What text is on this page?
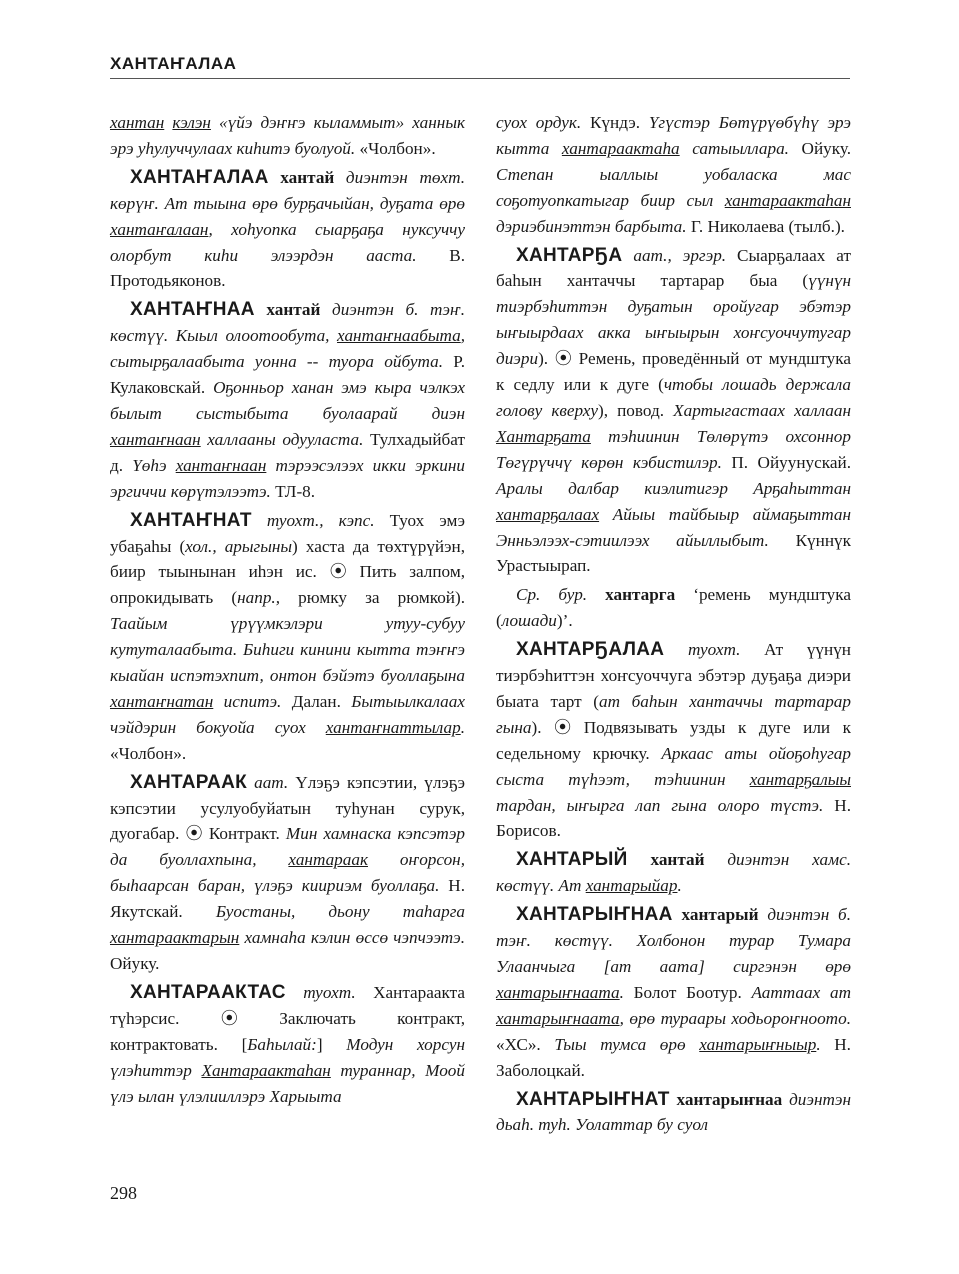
ХАНТАҤАЛАА

хантан кэлэн «үйэ дэҥҥэ кыламмыт» ханнык эрэ уһулуччулаах киһитэ буолуой. «Чолбон».

ХАНТАҤАЛАА хантай диэнтэн төхт. көрүҥ. Ат тыына өрө бурҕачыйан, дуҕата өрө хантаҥалаан, хоһуопка сыарҕаҕа нуксуччу олорбут киһи элээрдэн ааста. В. Протодьяконов.

ХАНТАҤНАА хантай диэнтэн б. тэҥ. көстүү. Кыыл олоотообута, хантаҥнаабыта, сытырҕалаабыта уонна -- туора ойбута. Р. Кулаковскай. Оҕонньор ханан эмэ кыра чэлкэх былыт сыстыбыта буолаарай диэн хантаҥнаан халлааны одууласта. Тулхадыйбат д. Үөһэ хантаҥнаан тэрээсэлээх икки эркини эргиччи көрүтэлээтэ. ТЛ-8.

ХАНТАҤНАТ туохт., кэпс. Туох эмэ убаҕаһы (хол., арыгыны) хаста да төхтүрүйэн, биир тыынынан иһэн ис. ⦿ Пить залпом, опрокидывать (напр., рюмку за рюмкой). Таайым үрүүмкэлэри утуу-субуу кутуталаабыта. Биһиги кинини кытта тэҥҥэ кыайан испэтэхпит, онтон бэйэтэ буоллаҕына хантаҥнатан испитэ. Далан. Бытыылкалаах чэйдэрин бокуойа суох хантаҥнаттылар. «Чолбон».

ХАНТАРААК аат. Үлэҕэ кэпсэтии, үлэҕэ кэпсэтии усулуобуйатын туһунан сурук, дуогабар. ⦿ Контракт. Мин хамнаска кэпсэтэр да буоллахпына, хантараак оҥорсон, быһаарсан баран, үлэҕэ киириэм буоллаҕа. Н. Якутскай. Буостаны, дьону таһарга хантараактарын хамнаһа кэлин өссө чэпчээтэ. Ойуку.

ХАНТАРААКТАС туохт. Хантараакта түһэрсис. ⦿ Заключать контракт, контрактовать. [Баһылай:] Модун хорсун үлэһиттэр Хантараактаһан тураннар, Моой үлэ ылан үлэлииллэрэ Харыыта

суох ордук. Күндэ. Үгүстэр Бөтүрүөбүһү эрэ кытта хантараактаһа сатыыллара. Ойуку. Степан ыаллыы уобаласка мас соҕотуопкатыгар биир сыл хантараактаһан дэриэбинэттэн барбыта. Г. Николаева (тылб.).

ХАНТАРҔА аат., эргэр. Сыарҕалаах ат баһын хантаччы тартарар быа (үүнүн тиэрбэһиттэн дуҕатын оройугар эбэтэр ыҥыырдаах акка ыҥыырын хоҥсуоччутугар диэри). ⦿ Ремень, проведённый от мундштука к седлу или к дуге (чтобы лошадь держала голову кверху), повод. Хартыгастаах халлаан Хантарҕата тэһиинин Төлөрүтэ охсоннор Төгүрүччү көрөн кэбистилэр. П. Ойуунускай. Аралы далбар киэлитигэр Арҕаһыттан хантарҕалаах Айыы тайбыыр аймаҕыттан Энньэлээх-сэтиилээх айыллыбыт. Күннүк Урастыырап.

Ср. бур. хантарга ‘ремень мундштука (лошади)’.

ХАНТАРҔАЛАА туохт. Ат үүнүн тиэрбэһиттэн хоҥсуоччуга эбэтэр дуҕаҕа диэри быата тарт (ат баһын хантаччы тартарар гына). ⦿ Подвязывать узды к дуге или к седельному крючку. Аркаас аты ойоҕоһугар сыста түһээт, тэһиинин хантарҕалыы тардан, ыҥырга лап гына олоро түстэ. Н. Борисов.

ХАНТАРЫЙ хантай диэнтэн хамс. көстүү. Ат хантарыйар.

ХАНТАРЫҤНАА хантарый диэнтэн б. тэҥ. көстүү. Холбонон турар Тумара Улаанчыга [ат аата] сиргэнэн өрө хантарыҥнаата. Болот Боотур. Ааттаах ат хантарыҥнаата, өрө тураары ходьороҥноото. «ХС». Тыы тумса өрө хантарыҥныыр. Н. Заболоцкай.

ХАНТАРЫҤНАТ хантарыҥнаа диэнтэн дьаһ. туһ. Уолаттар бу суол

298
